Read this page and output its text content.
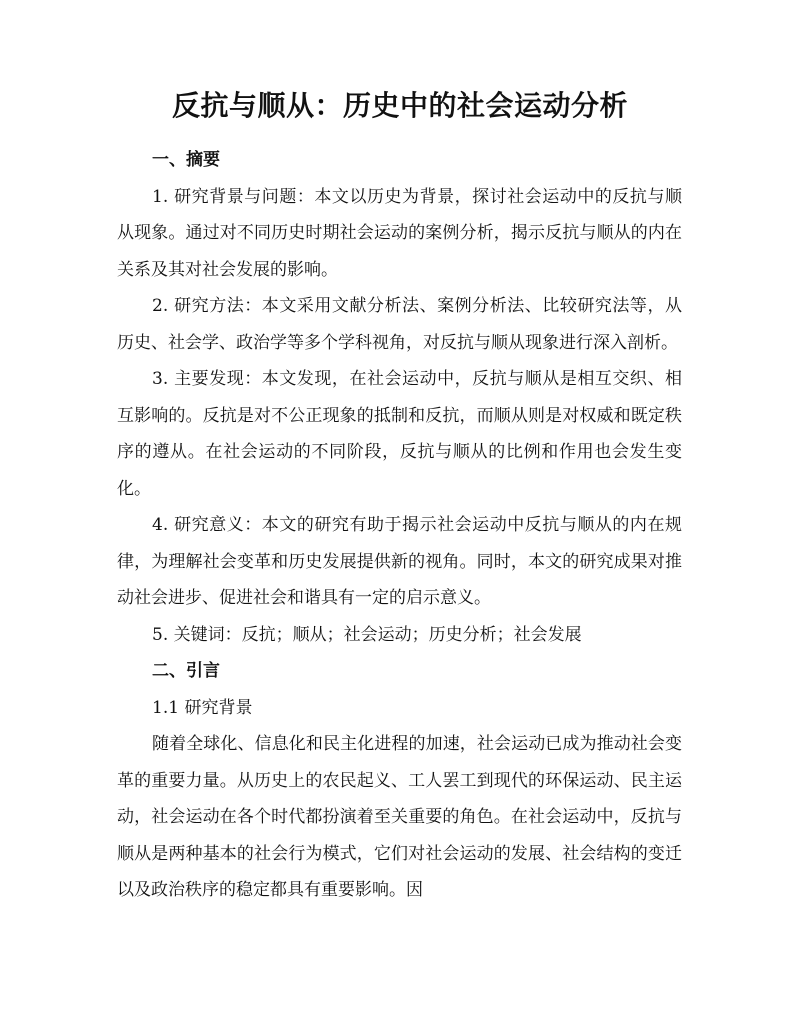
反抗与顺从：历史中的社会运动分析

一、摘要

1. 研究背景与问题：本文以历史为背景，探讨社会运动中的反抗与顺从现象。通过对不同历史时期社会运动的案例分析，揭示反抗与顺从的内在关系及其对社会发展的影响。

2. 研究方法：本文采用文献分析法、案例分析法、比较研究法等，从历史、社会学、政治学等多个学科视角，对反抗与顺从现象进行深入剖析。

3. 主要发现：本文发现，在社会运动中，反抗与顺从是相互交织、相互影响的。反抗是对不公正现象的抵制和反抗，而顺从则是对权威和既定秩序的遵从。在社会运动的不同阶段，反抗与顺从的比例和作用也会发生变化。

4. 研究意义：本文的研究有助于揭示社会运动中反抗与顺从的内在规律，为理解社会变革和历史发展提供新的视角。同时，本文的研究成果对推动社会进步、促进社会和谐具有一定的启示意义。

5. 关键词：反抗；顺从；社会运动；历史分析；社会发展

二、引言

1.1 研究背景

随着全球化、信息化和民主化进程的加速，社会运动已成为推动社会变革的重要力量。从历史上的农民起义、工人罢工到现代的环保运动、民主运动，社会运动在各个时代都扮演着至关重要的角色。在社会运动中，反抗与顺从是两种基本的社会行为模式，它们对社会运动的发展、社会结构的变迁以及政治秩序的稳定都具有重要影响。因
